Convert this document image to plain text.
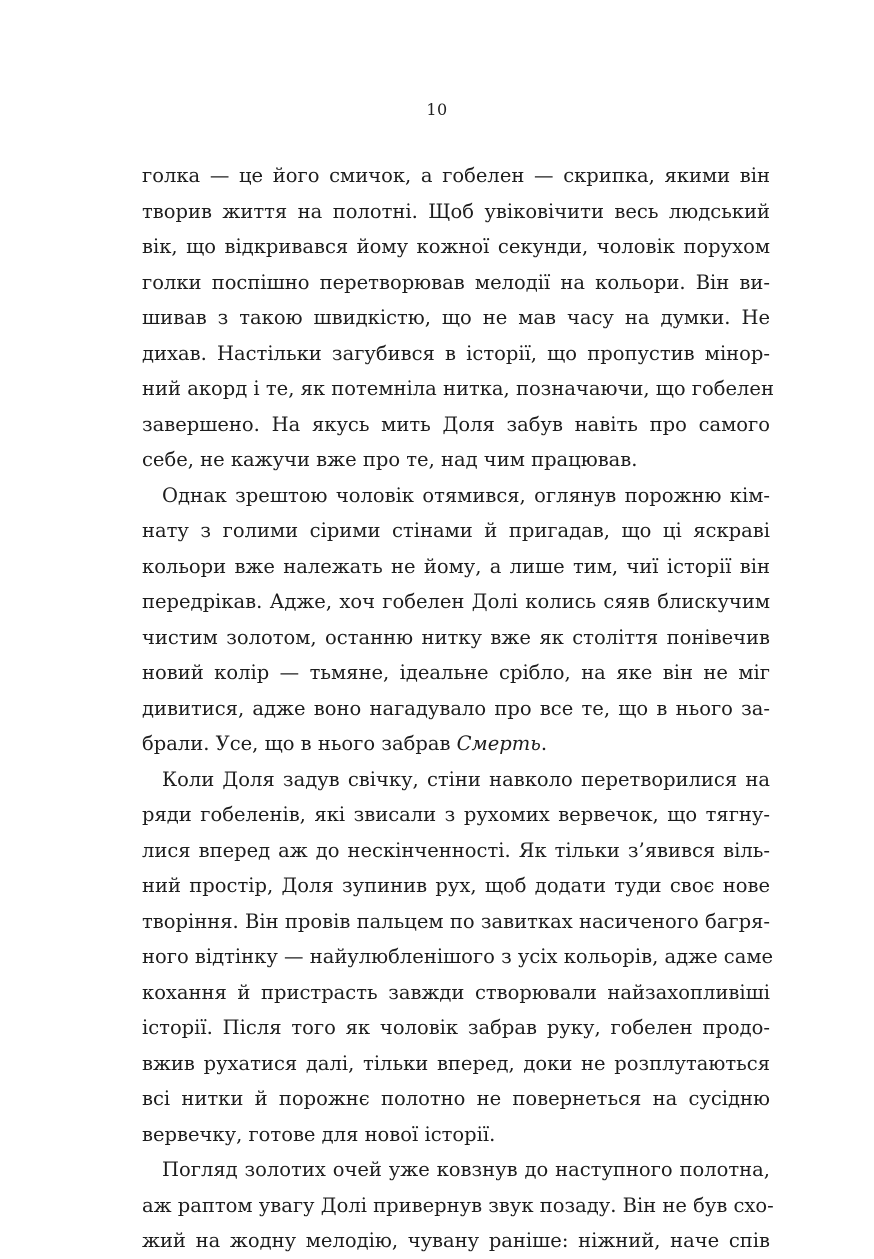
10
голка — це його смичок, а гобелен — скрипка, якими він
творив життя на полотні. Щоб увіковічити весь людський
вік, що відкривався йому кожної секунди, чоловік порухом
голки поспішно перетворював мелодії на кольори. Він ви-
шивав з такою швидкістю, що не мав часу на думки. Не
дихав. Настільки загубився в історії, що пропустив мінор-
ний акорд і те, як потемніла нитка, позначаючи, що гобелен
завершено. На якусь мить Доля забув навіть про самого
себе, не кажучи вже про те, над чим працював.
Однак зрештою чоловік отямився, оглянув порожню кім-
нату з голими сірими стінами й пригадав, що ці яскраві
кольори вже належать не йому, а лише тим, чиї історії він
передрікав. Адже, хоч гобелен Долі колись сяяв блискучим
чистим золотом, останню нитку вже як століття понівечив
новий колір — тьмяне, ідеальне срібло, на яке він не міг
дивитися, адже воно нагадувало про все те, що в нього за-
брали. Усе, що в нього забрав Смерть.
Коли Доля задув свічку, стіни навколо перетворилися на
ряди гобеленів, які звисали з рухомих вервечок, що тягну-
лися вперед аж до нескінченності. Як тільки з’явився віль-
ний простір, Доля зупинив рух, щоб додати туди своє нове
творіння. Він провів пальцем по завитках насиченого багря-
ного відтінку — найулюбленішого з усіх кольорів, адже саме
кохання й пристрасть завжди створювали найзахопливіші
історії. Після того як чоловік забрав руку, гобелен продо-
вжив рухатися далі, тільки вперед, доки не розплутаються
всі нитки й порожнє полотно не повернеться на сусідню
вервечку, готове для нової історії.
Погляд золотих очей уже ковзнув до наступного полотна,
аж раптом увагу Долі привернув звук позаду. Він не був схо-
жий на жодну мелодію, чувану раніше: ніжний, наче спів
